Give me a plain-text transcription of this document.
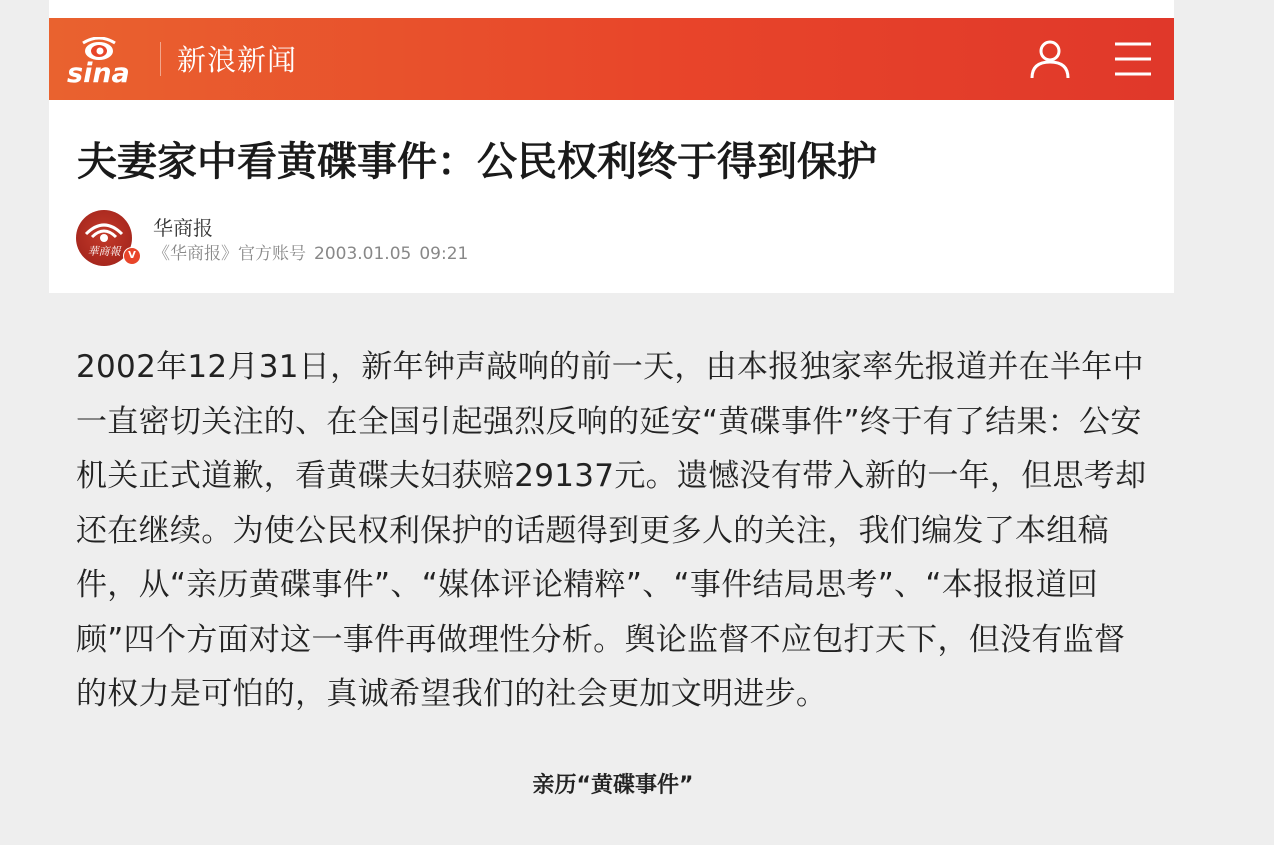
sina 新浪新闻
夫妻家中看黄碟事件：公民权利终于得到保护
華商報 V
华商报
《华商报》官方账号 2003.01.05 09:21

2002年12月31日，新年钟声敲响的前一天，由本报独家率先报道并在半年中一直密切关注的、在全国引起强烈反响的延安“黄碟事件”终于有了结果：公安机关正式道歉，看黄碟夫妇获赔29137元。遗憾没有带入新的一年，但思考却还在继续。为使公民权利保护的话题得到更多人的关注，我们编发了本组稿件，从“亲历黄碟事件”、“媒体评论精粹”、“事件结局思考”、“本报报道回顾”四个方面对这一事件再做理性分析。舆论监督不应包打天下，但没有监督的权力是可怕的，真诚希望我们的社会更加文明进步。

亲历“黄碟事件”
